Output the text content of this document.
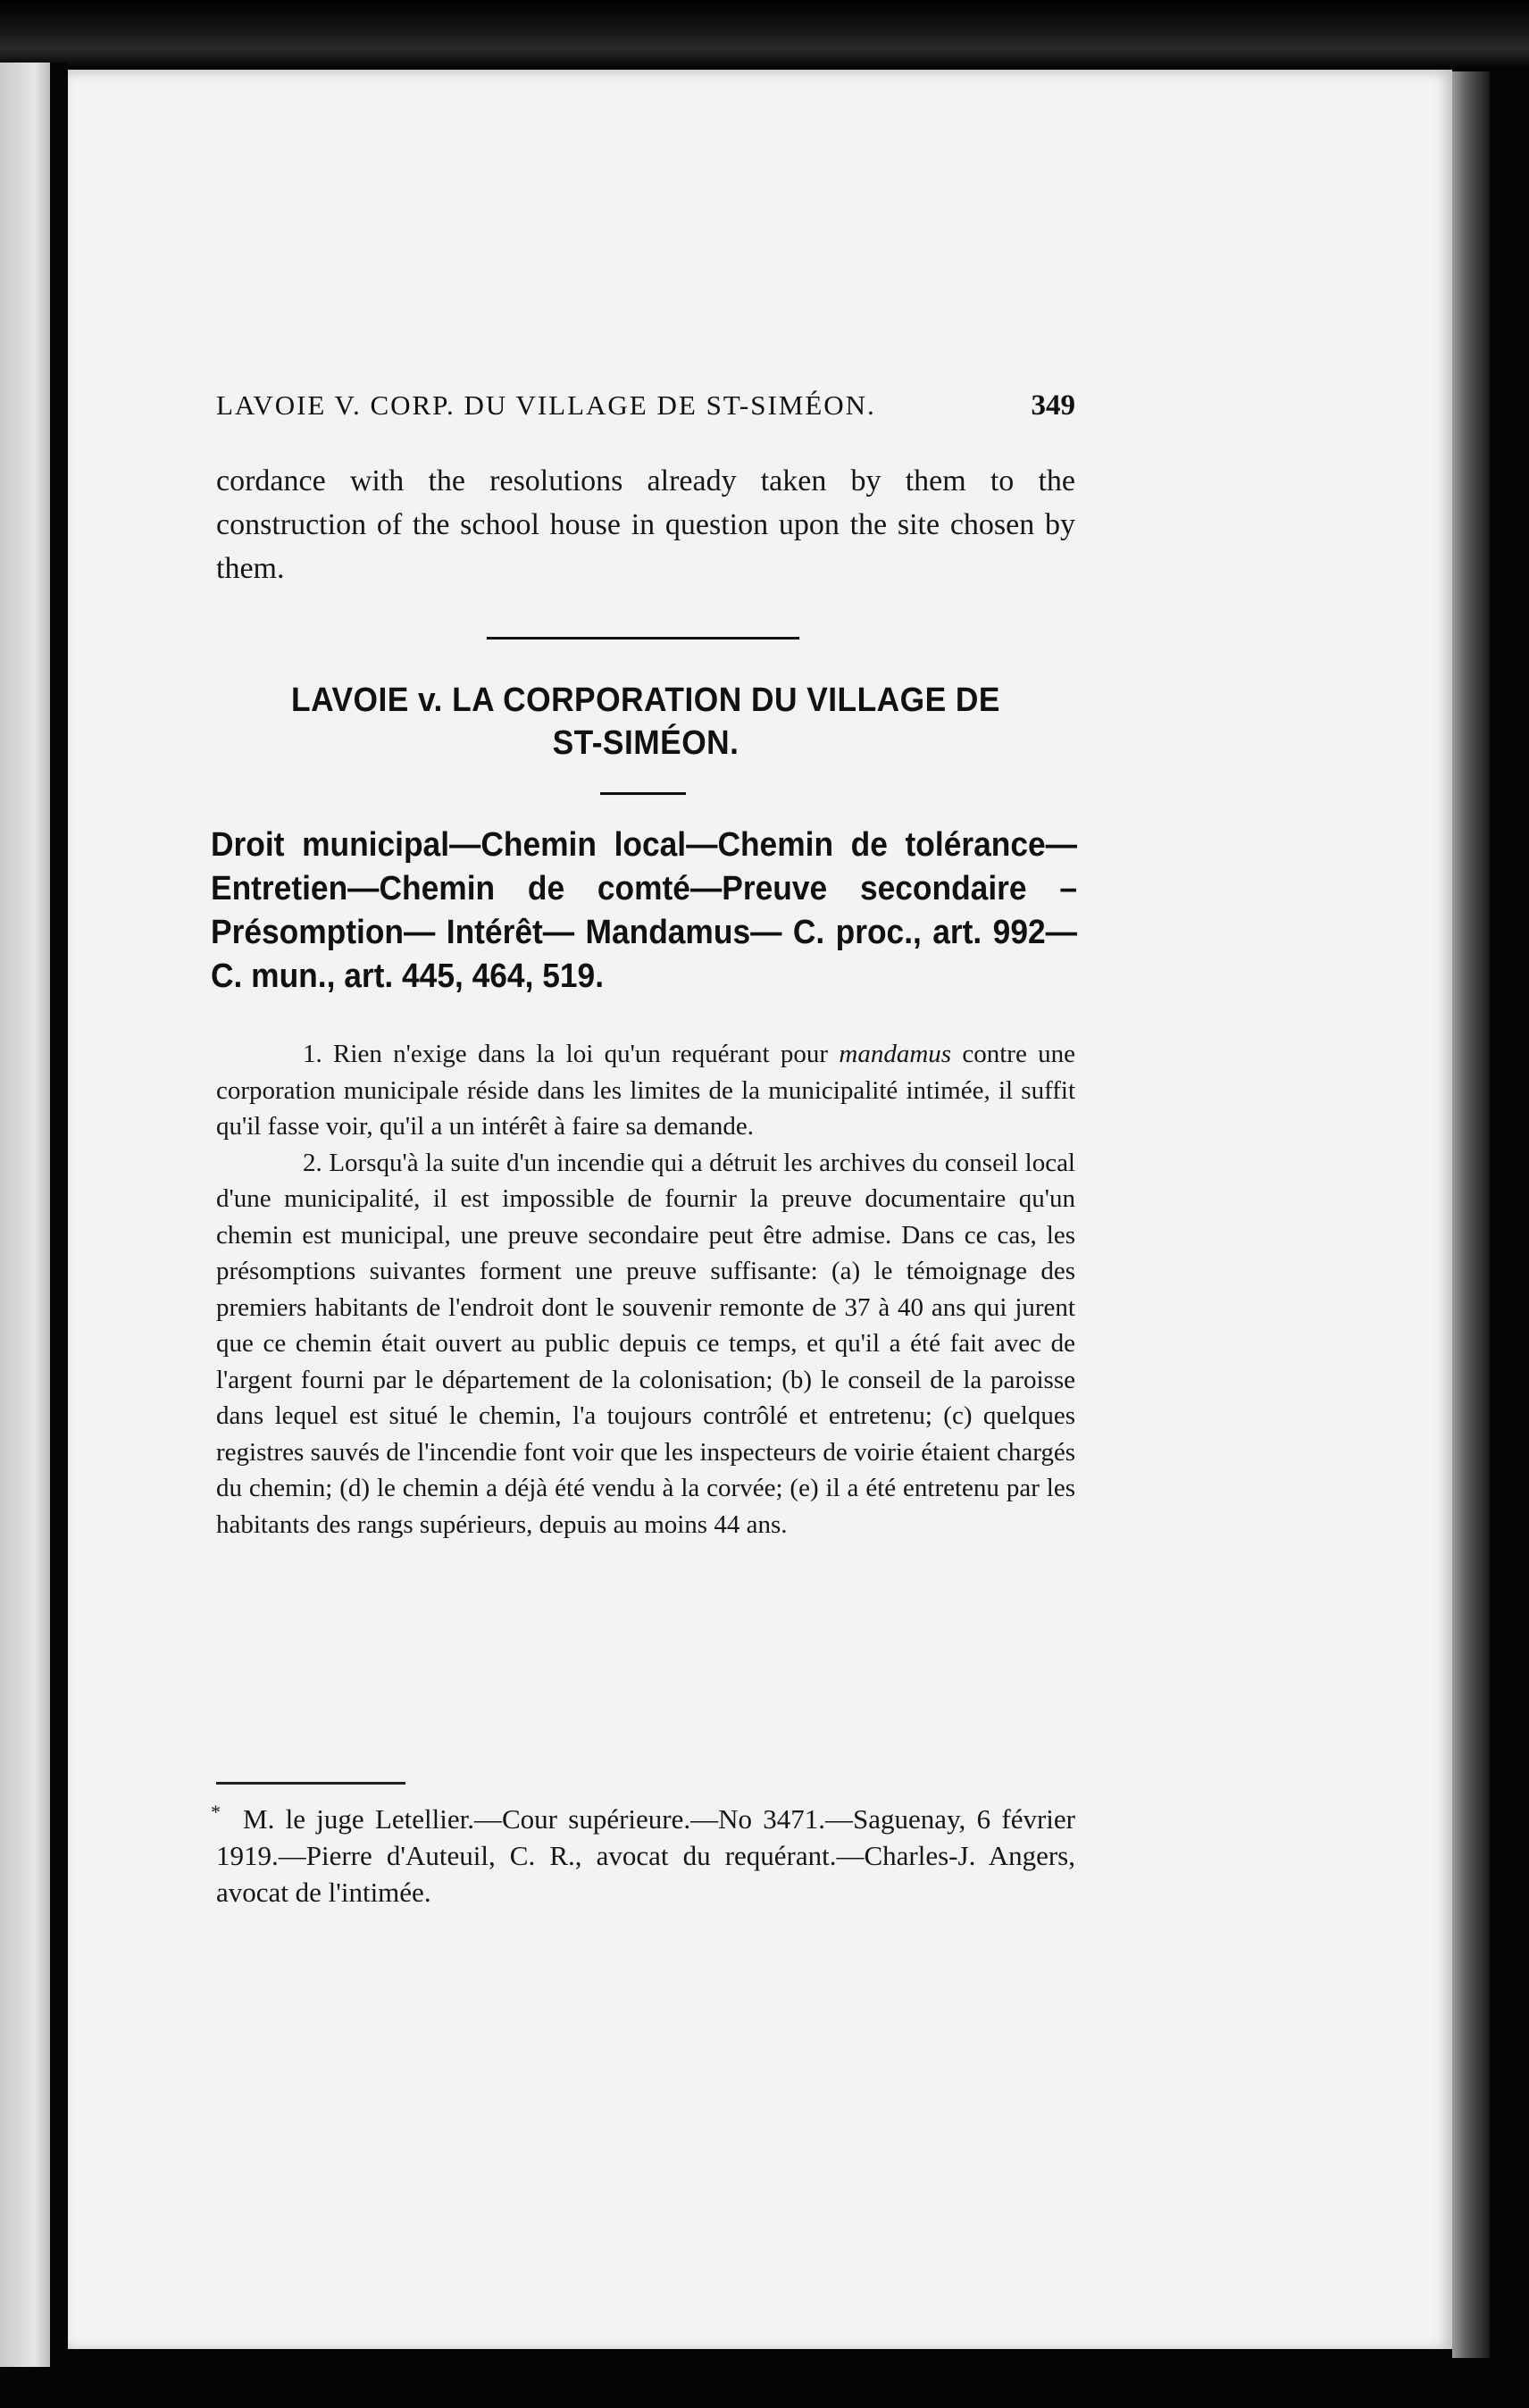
LAVOIE V. CORP. DU VILLAGE DE ST-SIMÉON.	349
cordance with the resolutions already taken by them to the construction of the school house in question upon the site chosen by them.
LAVOIE v. LA CORPORATION DU VILLAGE DE
ST-SIMÉON.
Droit municipal—Chemin local—Chemin de tolérance—Entretien—Chemin de comté—Preuve secondaire – Présomption— Intérêt— Mandamus— C. proc., art. 992—C. mun., art. 445, 464, 519.

1. Rien n'exige dans la loi qu'un requérant pour mandamus contre une corporation municipale réside dans les limites de la municipalité intimée, il suffit qu'il fasse voir, qu'il a un intérêt à faire sa demande.

2. Lorsqu'à la suite d'un incendie qui a détruit les archives du conseil local d'une municipalité, il est impossible de fournir la preuve documentaire qu'un chemin est municipal, une preuve secondaire peut être admise. Dans ce cas, les présomptions suivantes forment une preuve suffisante: (a) le témoignage des premiers habitants de l'endroit dont le souvenir remonte de 37 à 40 ans qui jurent que ce chemin était ouvert au public depuis ce temps, et qu'il a été fait avec de l'argent fourni par le département de la colonisation; (b) le conseil de la paroisse dans lequel est situé le chemin, l'a toujours contrôlé et entretenu; (c) quelques registres sauvés de l'incendie font voir que les inspecteurs de voirie étaient chargés du chemin; (d) le chemin a déjà été vendu à la corvée; (e) il a été entretenu par les habitants des rangs supérieurs, depuis au moins 44 ans.

* M. le juge Letellier.—Cour supérieure.—No 3471.—Saguenay, 6 février 1919.—Pierre d'Auteuil, C. R., avocat du requérant.—Charles-J. Angers, avocat de l'intimée.
